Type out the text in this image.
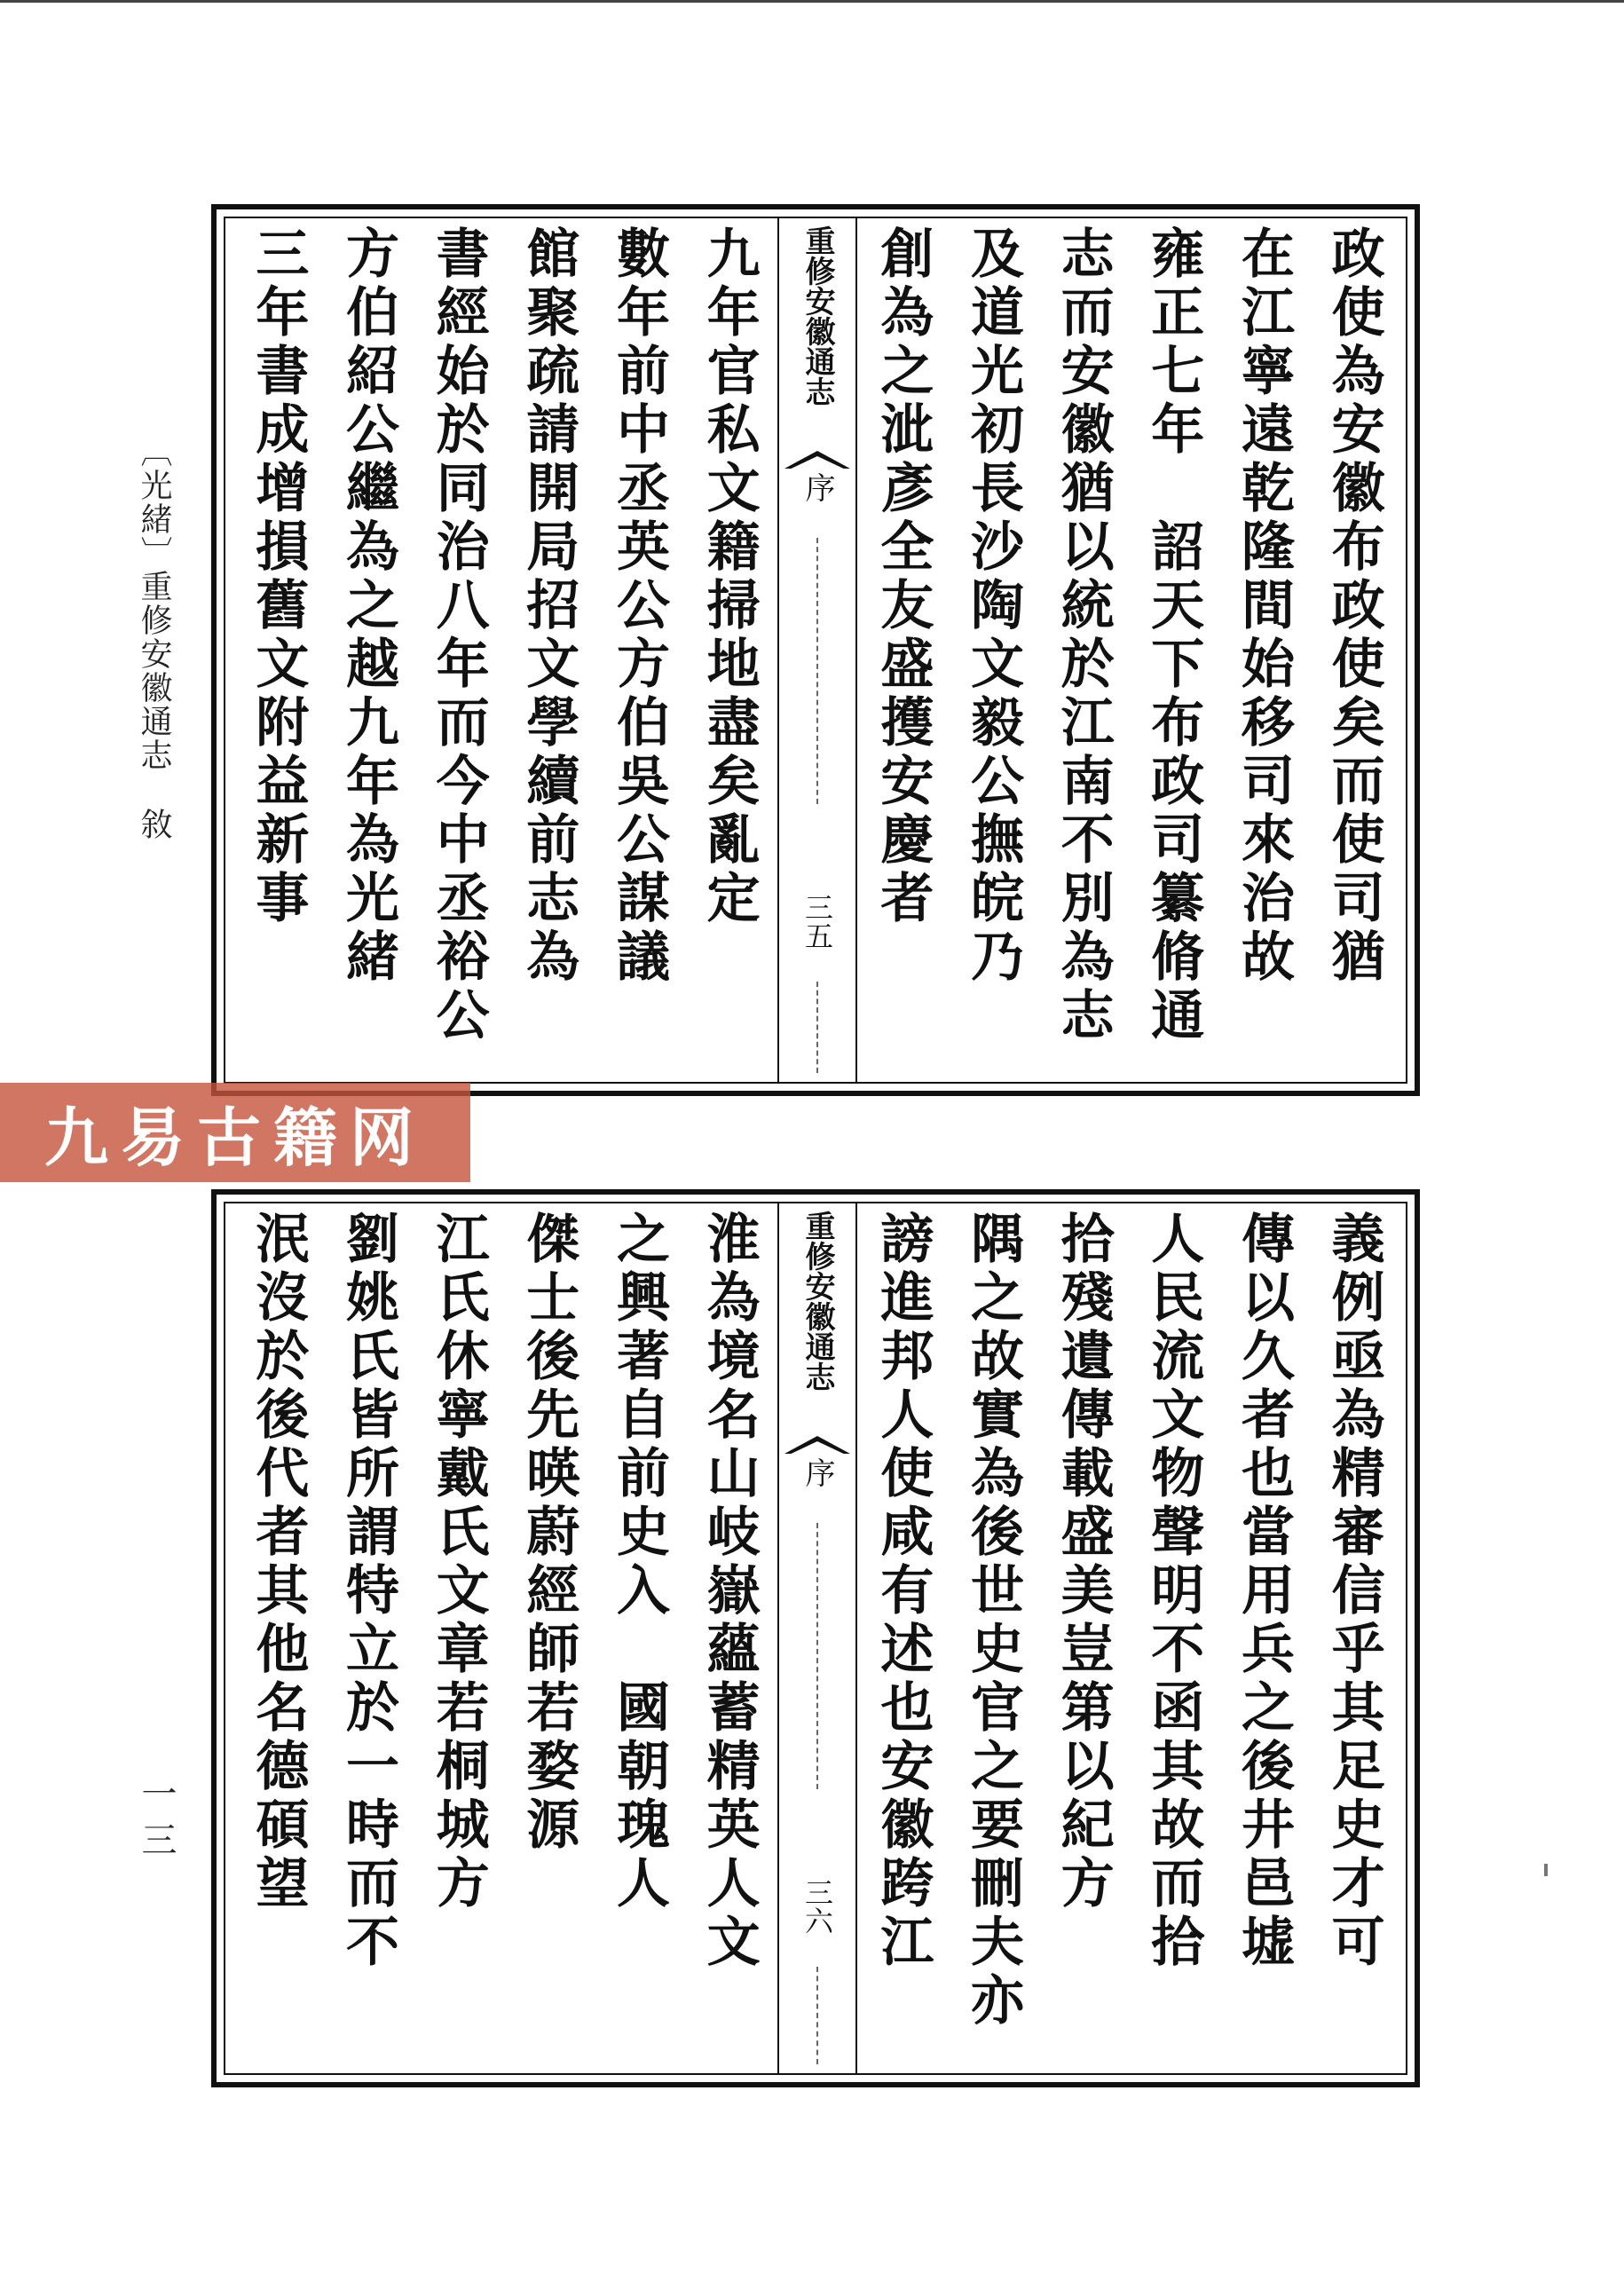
〔光緒〕重修安徽通志敘
一三
政使為安徽布政使矣而使司猶
在江寧遠乾隆間始移司來治故
雍正七年　詔天下布政司纂脩通
志而安徽猶以統於江南不別為志
及道光初長沙陶文毅公撫皖乃
創為之泚彥全友盛擭安慶者
重修安徽通志
序
三五
九年官私文籍掃地盡矣亂定
數年前中丞英公方伯吳公謀議
館聚疏請開局招文學續前志為
書經始於同治八年而今中丞裕公
方伯紹公繼為之越九年為光緒
三年書成增損舊文附益新事
九易古籍网
義例亟為精審信乎其足史才可
傳以久者也當用兵之後井邑墟
人民流文物聲明不函其故而拾
拾殘遺傳載盛美豈第以紀方
隅之故實為後世史官之要刪夫亦
謗進邦人使咸有述也安徽跨江
重修安徽通志
序
三六
淮為境名山岐嶽蘊蓄精英人文
之興著自前史入　國朝瑰人
傑士後先暎蔚經師若婺源
江氏休寧戴氏文章若桐城方
劉姚氏皆所謂特立於一時而不
泯沒於後代者其他名德碩望
